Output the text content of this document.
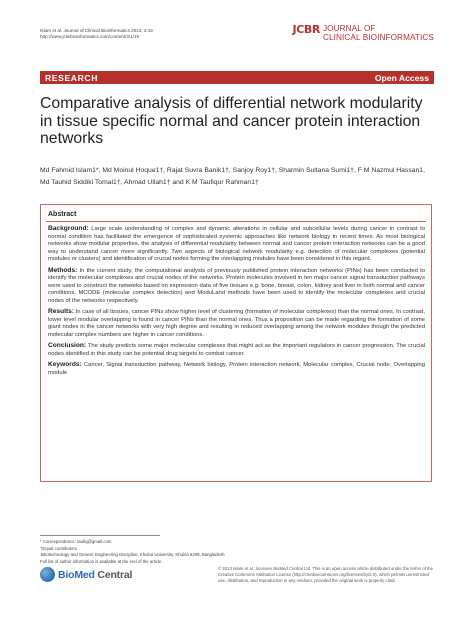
Islam et al. Journal of Clinical Bioinformatics 2013, 3:19
http://www.jclinbioinformatics.com/content/3/1/19
JCBR JOURNAL OF
CLINICAL BIOINFORMATICS
RESEARCH	Open Access
Comparative analysis of differential network modularity in tissue specific normal and cancer protein interaction networks
Md Fahmid Islam1*, Md Moinul Hoque1†, Rajat Suvra Banik1†, Sanjoy Roy1†, Sharmin Sultana Sumi1†, F M Nazmul Hassan1, Md Tauhid Siddiki Tomal1†, Ahmad Ullah1† and K M Taufiqur Rahman1†
Abstract
Background: Large scale understanding of complex and dynamic alterations in cellular and subcellular levels during cancer in contrast to normal condition has facilitated the emergence of sophisticated systemic approaches like network biology in recent times. As most biological networks show modular properties, the analysis of differential modularity between normal and cancer protein interaction networks can be a good way to understand cancer more significantly. Two aspects of biological network modularity e.g. detection of molecular complexes (potential modules or clusters) and identification of crucial nodes forming the overlapping modules have been considered in this regard.
Methods: In the current study, the computational analysis of previously published protein interaction networks (PINs) has been conducted to identify the molecular complexes and crucial nodes of the networks. Protein molecules involved in ten major cancer signal transduction pathways were used to construct the networks based on expression data of five tissues e.g. bone, breast, colon, kidney and liver in both normal and cancer conditions. MCODE (molecular complex detection) and ModuLand methods have been used to identify the molecular complexes and crucial nodes of the networks respectively.
Results: In case of all tissues, cancer PINs show higher level of clustering (formation of molecular complexes) than the normal ones. In contrast, lower level modular overlapping is found in cancer PINs than the normal ones. Thus a proposition can be made regarding the formation of some giant nodes in the cancer networks with very high degree and resulting in reduced overlapping among the network modules though the predicted molecular complex numbers are higher in cancer conditions.
Conclusion: The study predicts some major molecular complexes that might act as the important regulators in cancer progression. The crucial nodes identified in this study can be potential drug targets to combat cancer.
Keywords: Cancer, Signal transduction pathway, Network biology, Protein interaction network, Molecular complex, Crucial node, Overlapping module
* Correspondence: taufiq@gmail.com
†Equal contributors
1Biotechnology and Genetic Engineering Discipline, Khulna University, Khulna 9208, Bangladesh
Full list of author information is available at the end of the article
BioMed Central	© 2013 Islam et al.; licensee BioMed Central Ltd. This is an open access article distributed under the terms of the Creative Commons Attribution License (http://creativecommons.org/licenses/by/2.0), which permits unrestricted use, distribution, and reproduction in any medium, provided the original work is properly cited.
